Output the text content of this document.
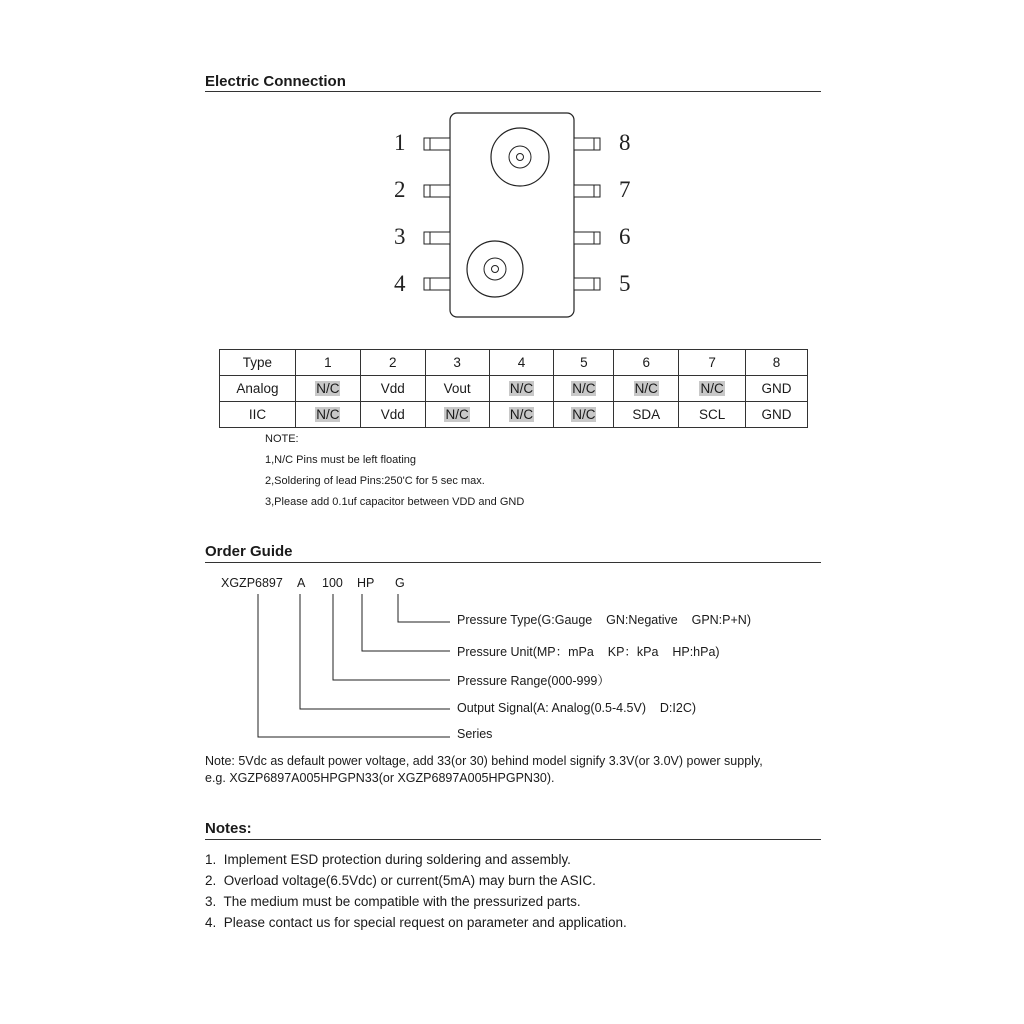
Electric Connection
1
2
3
4
8
7
6
5
Type	1	2	3	4	5	6	7	8
Analog	N/C	Vdd	Vout	N/C	N/C	N/C	N/C	GND
IIC	N/C	Vdd	N/C	N/C	N/C	SDA	SCL	GND
NOTE:
1,N/C Pins must be left floating
2,Soldering of lead Pins:250'C for 5 sec max.
3,Please add 0.1uf capacitor between VDD and GND
Order Guide
XGZP6897 A 100 HP G
Pressure Type(G:Gauge    GN:Negative    GPN:P+N)
Pressure Unit(MP：mPa    KP：kPa    HP:hPa)
Pressure Range(000-999）
Output Signal(A: Analog(0.5-4.5V)    D:I2C)
Series
Note: 5Vdc as default power voltage, add 33(or 30) behind model signify 3.3V(or 3.0V) power supply,
e.g. XGZP6897A005HPGPN33(or XGZP6897A005HPGPN30).
Notes:
1.  Implement ESD protection during soldering and assembly.
2.  Overload voltage(6.5Vdc) or current(5mA) may burn the ASIC.
3.  The medium must be compatible with the pressurized parts.
4.  Please contact us for special request on parameter and application.
